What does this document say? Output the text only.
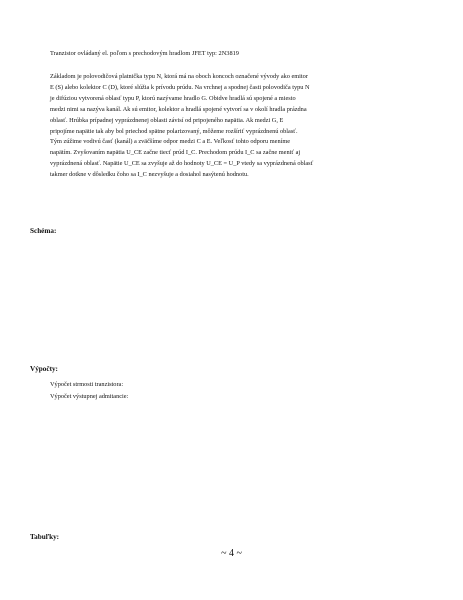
Tranzistor ovládaný el. poľom s prechodovým hradlom JFET typ: 2N3819
Základom je polovodičová platnička typu N, ktorá má na oboch koncoch označené vývody ako emitor
E (S) alebo kolektor C (D), ktoré slúžia k prívodu prúdu. Na vrchnej a spodnej časti polovodiča typu N
je difúziou vytvorená oblasť typu P, ktorú nazývame hradlo G. Obidve hradlá sú spojené a miesto
medzi nimi sa nazýva kanál. Ak sú emitor, kolektor a hradlá spojené vytvorí sa v okolí hradla prázdna
oblasť. Hrúbka prípadnej vyprázdnenej oblasti závisí od pripojeného napätia. Ak medzi G, E
pripojíme napätie tak aby bol priechod spätne polarizovaný, môžeme rozšíriť vyprázdnenú oblasť.
Tým zúžime vodivú časť (kanál) a zväčšíme odpor medzi C a E. Veľkosť tohto odporu meníme
napätím. Zvyšovaním napätia U_CE začne tiecť prúd I_C. Prechodom prúdu I_C sa začne meniť aj
vyprázdnená oblasť. Napätie U_CE sa zvyšuje až do hodnoty U_CE = U_P vtedy sa vyprázdnená oblasť
takmer dotkne v dôsledku čoho sa I_C nezvyšuje a dosiahol nasýtenú hodnotu.
Schéma:
Výpočty:
Výpočet strmosti tranzistora:
Výpočet výstupnej admitancie:
Tabuľky:
~ 4 ~
